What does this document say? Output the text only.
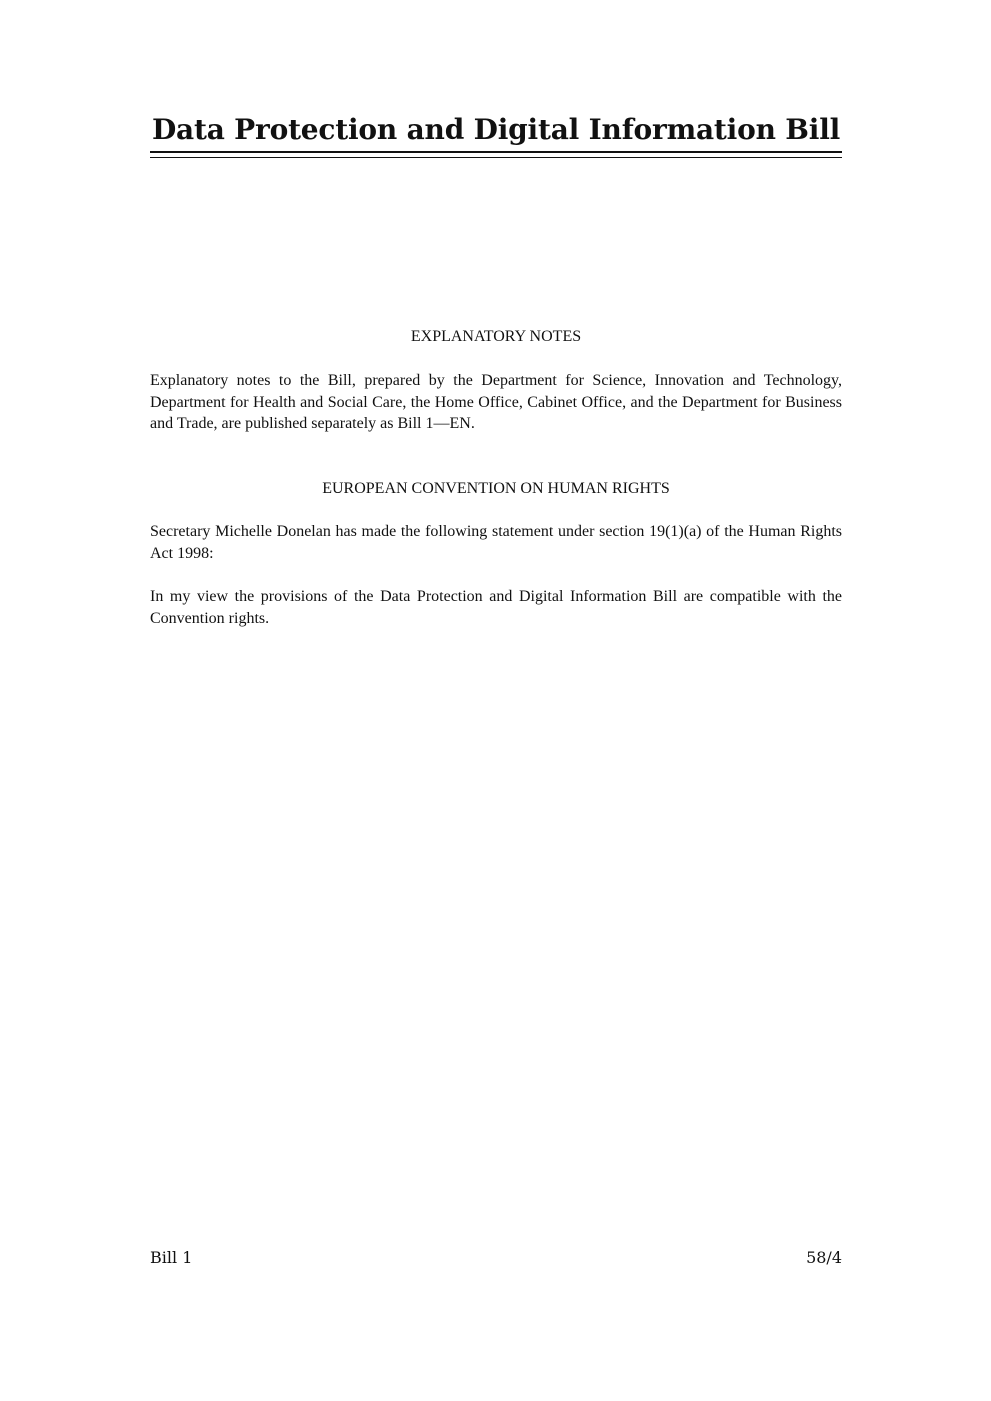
Data Protection and Digital Information Bill
EXPLANATORY NOTES

Explanatory notes to the Bill, prepared by the Department for Science, Innovation and Technology, Department for Health and Social Care, the Home Office, Cabinet Office, and the Department for Business and Trade, are published separately as Bill 1—EN.

EUROPEAN CONVENTION ON HUMAN RIGHTS

Secretary Michelle Donelan has made the following statement under section 19(1)(a) of the Human Rights Act 1998:

In my view the provisions of the Data Protection and Digital Information Bill are compatible with the Convention rights.

Bill 1	58/4
